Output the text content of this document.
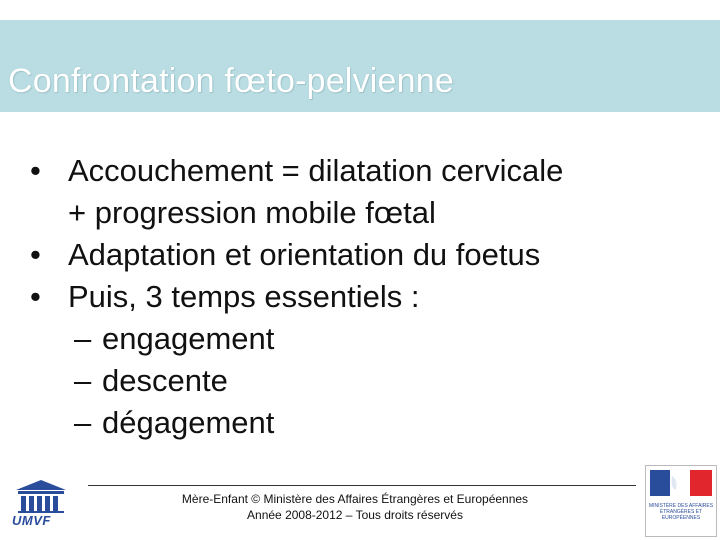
Confrontation fœto-pelvienne
• Accouchement = dilatation cervicale
+ progression mobile fœtal
• Adaptation et orientation du foetus
• Puis, 3 temps essentiels :
– engagement
– descente
– dégagement
Mère-Enfant © Ministère des Affaires Étrangères et Européennes
Année 2008-2012 – Tous droits réservés
UMVF
MINISTÈRE DES AFFAIRES ÉTRANGÈRES ET EUROPÉENNES
